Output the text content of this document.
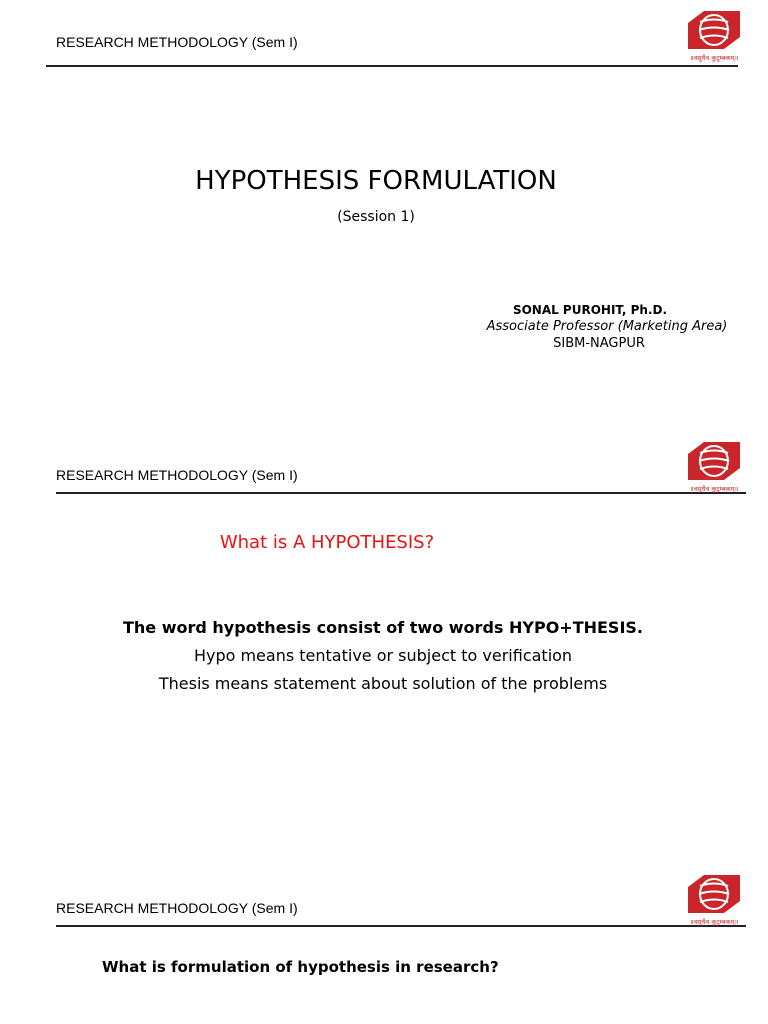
RESEARCH METHODOLOGY (Sem I)
॥वसुधैव कुटुम्बकम्॥
HYPOTHESIS FORMULATION
(Session 1)
SONAL PUROHIT, Ph.D.
Associate Professor (Marketing Area)
SIBM-NAGPUR
RESEARCH METHODOLOGY (Sem I)
॥वसुधैव कुटुम्बकम्॥
What is A HYPOTHESIS?
The word hypothesis consist of two words HYPO+THESIS.
Hypo means tentative or subject to verification
Thesis means statement about solution of the problems
RESEARCH METHODOLOGY (Sem I)
॥वसुधैव कुटुम्बकम्॥
What is formulation of hypothesis in research?
